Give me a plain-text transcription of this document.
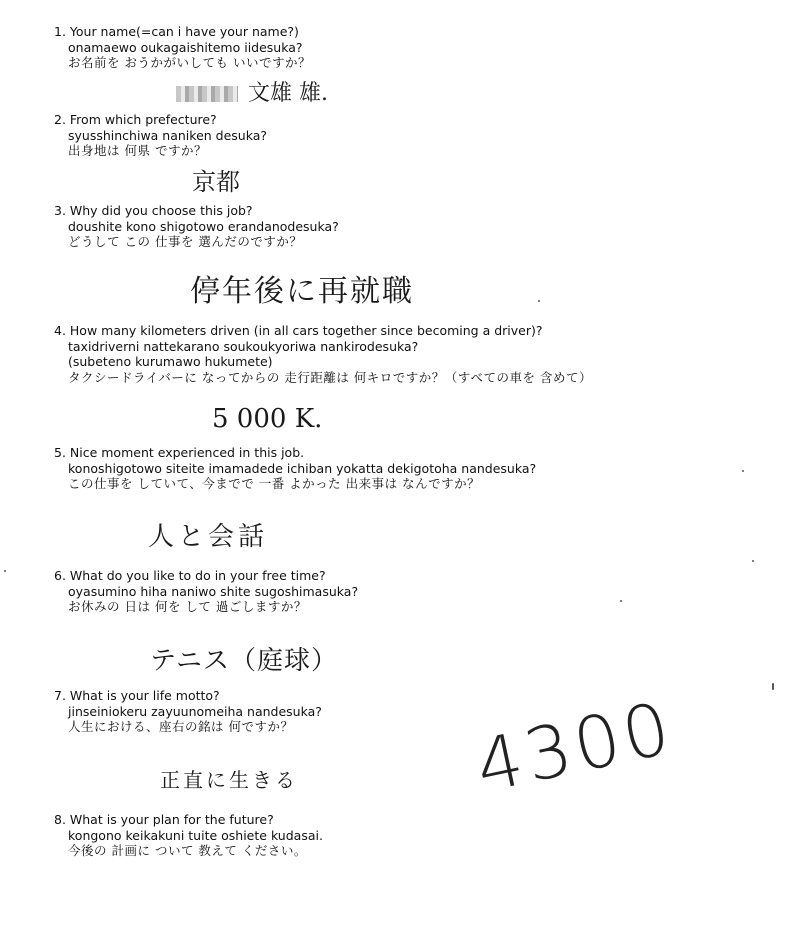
1. Your name(=can i have your name?)
onamaewo oukagaishitemo iidesuka?
お名前を おうかがいしても いいですか？
文雄 雄.
2. From which prefecture?
syusshinchiwa naniken desuka?
出身地は 何県 ですか？
京都
3. Why did you choose this job?
doushite kono shigotowo erandanodesuka?
どうして この 仕事を 選んだのですか？
停年後に再就職
4. How many kilometers driven (in all cars together since becoming a driver)?
taxidriverni nattekarano soukoukyoriwa nankirodesuka?
(subeteno kurumawo hukumete)
タクシードライバーに なってからの 走行距離は 何キロですか？（すべての車を 含めて）
5 000 K.
5. Nice moment experienced in this job.
konoshigotowo siteite imamadede ichiban yokatta dekigotoha nandesuka?
この仕事を していて、今までで 一番 よかった 出来事は なんですか？
人と会話
6. What do you like to do in your free time?
oyasumino hiha naniwo shite sugoshimasuka?
お休みの 日は 何を して 過ごしますか？
テニス（庭球）
7. What is your life motto?
jinseiniokeru zayuunomeiha nandesuka?
人生における、座右の銘は 何ですか？
正直に生きる
8. What is your plan for the future?
kongono keikakuni tuite oshiete kudasai.
今後の 計画に ついて 教えて ください。
4300
